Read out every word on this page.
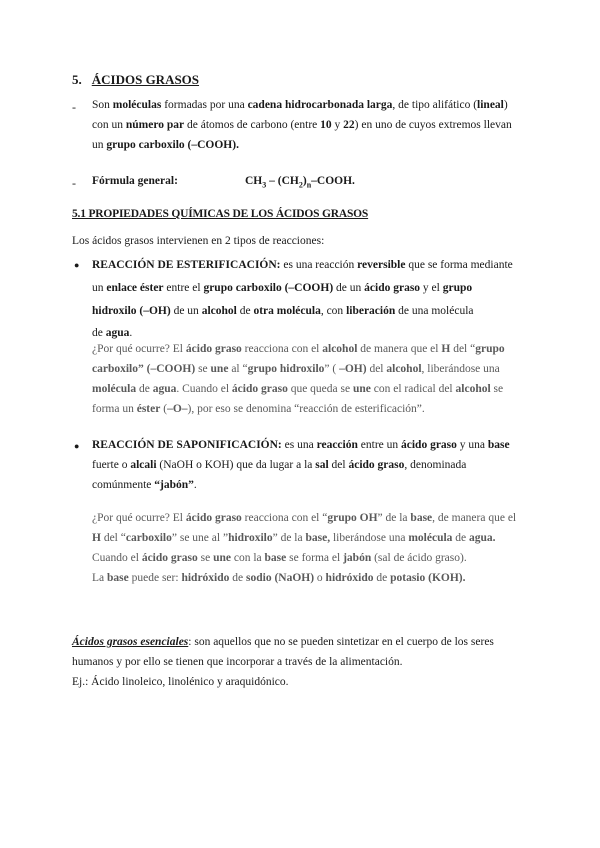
5. ÁCIDOS GRASOS
- Son moléculas formadas por una cadena hidrocarbonada larga, de tipo alifático (lineal)
con un número par de átomos de carbono (entre 10 y 22) en uno de cuyos extremos llevan
un grupo carboxilo (–COOH).
- Fórmula general:	$CH_3$ – $(CH_2)_n$–COOH.
5.1 PROPIEDADES QUÍMICAS DE LOS ÁCIDOS GRASOS
Los ácidos grasos intervienen en 2 tipos de reacciones:
● REACCIÓN DE ESTERIFICACIÓN: es una reacción reversible que se forma mediante
un enlace éster entre el grupo carboxilo (–COOH) de un ácido graso y el grupo
hidroxilo (–OH) de un alcohol de otra molécula, con liberación de una molécula
de agua.
¿Por qué ocurre? El ácido graso reacciona con el alcohol de manera que el H del “grupo
carboxilo” (–COOH) se une al “grupo hidroxilo” ( –OH) del alcohol, liberándose una
molécula de agua. Cuando el ácido graso que queda se une con el radical del alcohol se
forma un éster (–O–), por eso se denomina “reacción de esterificación”.
● REACCIÓN DE SAPONIFICACIÓN: es una reacción entre un ácido graso y una base
fuerte o alcali (NaOH o KOH) que da lugar a la sal del ácido graso, denominada
comúnmente “jabón”.
¿Por qué ocurre? El ácido graso reacciona con el “grupo OH” de la base, de manera que el
H del “carboxilo” se une al ”hidroxilo” de la base, liberándose una molécula de agua.
Cuando el ácido graso se une con la base se forma el jabón (sal de ácido graso).
La base puede ser: hidróxido de sodio (NaOH) o hidróxido de potasio (KOH).
Ácidos grasos esenciales: son aquellos que no se pueden sintetizar en el cuerpo de los seres
humanos y por ello se tienen que incorporar a través de la alimentación.
Ej.: Ácido linoleico, linolénico y araquidónico.
